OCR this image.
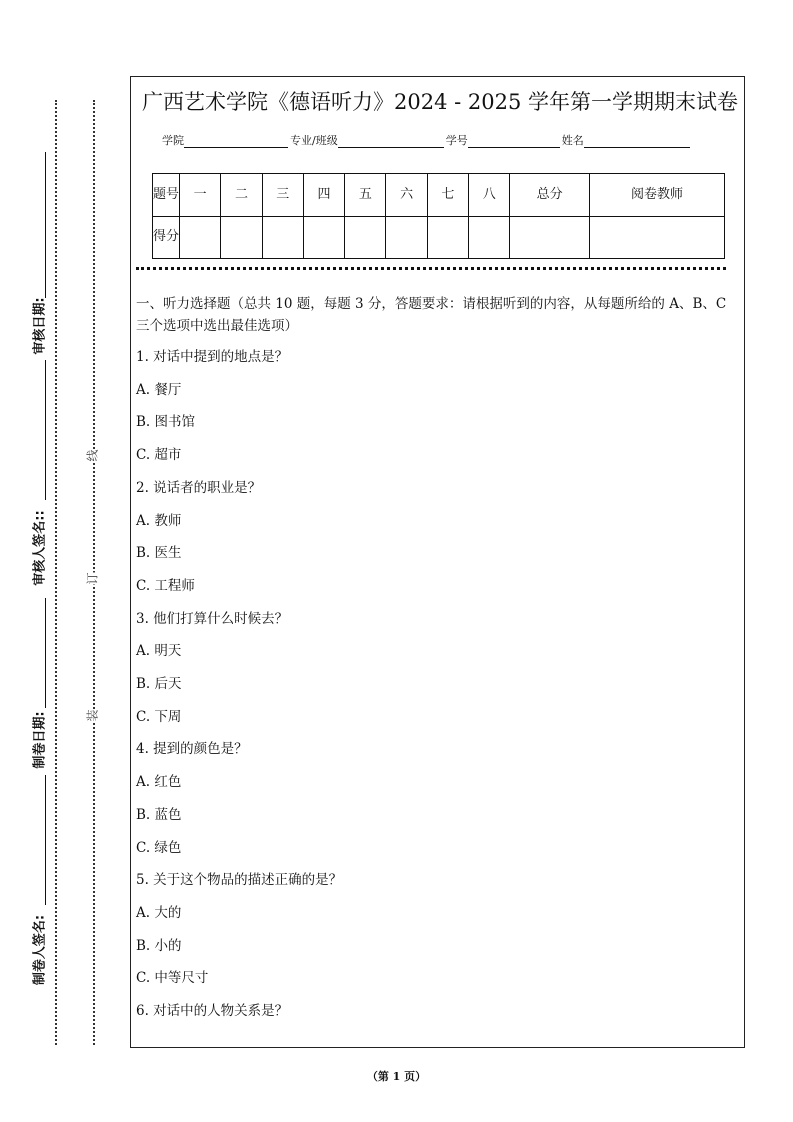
线
订
装
审核日期:
审核人签名::
制卷日期:
制卷人签名:
广西艺术学院《德语听力》2024 - 2025 学年第一学期期末试卷
学院	专业/班级	学号	姓名
题号	一	二	三	四	五	六	七	八	总分	阅卷教师
得分										
一、听力选择题（总共 10 题，每题 3 分，答题要求：请根据听到的内容，从每题所给的 A、B、C 三个选项中选出最佳选项）
1. 对话中提到的地点是？
A. 餐厅
B. 图书馆
C. 超市
2. 说话者的职业是？
A. 教师
B. 医生
C. 工程师
3. 他们打算什么时候去？
A. 明天
B. 后天
C. 下周
4. 提到的颜色是？
A. 红色
B. 蓝色
C. 绿色
5. 关于这个物品的描述正确的是？
A. 大的
B. 小的
C. 中等尺寸
6. 对话中的人物关系是？
（第 1 页）
